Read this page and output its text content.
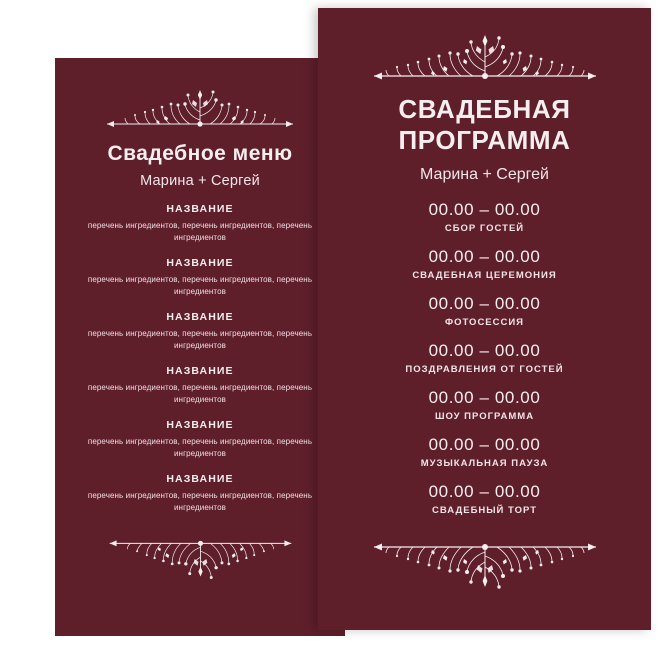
Свадебное меню
Марина + Сергей
НАЗВАНИЕ
перечень ингредиентов, перечень ингредиентов, перечень ингредиентов
НАЗВАНИЕ
перечень ингредиентов, перечень ингредиентов, перечень ингредиентов
НАЗВАНИЕ
перечень ингредиентов, перечень ингредиентов, перечень ингредиентов
НАЗВАНИЕ
перечень ингредиентов, перечень ингредиентов, перечень ингредиентов
НАЗВАНИЕ
перечень ингредиентов, перечень ингредиентов, перечень ингредиентов
НАЗВАНИЕ
перечень ингредиентов, перечень ингредиентов, перечень ингредиентов
СВАДЕБНАЯ ПРОГРАММА
Марина + Сергей
00.00 – 00.00
СБОР ГОСТЕЙ
00.00 – 00.00
СВАДЕБНАЯ ЦЕРЕМОНИЯ
00.00 – 00.00
ФОТОСЕССИЯ
00.00 – 00.00
ПОЗДРАВЛЕНИЯ ОТ ГОСТЕЙ
00.00 – 00.00
ШОУ ПРОГРАММА
00.00 – 00.00
МУЗЫКАЛЬНАЯ ПАУЗА
00.00 – 00.00
СВАДЕБНЫЙ ТОРТ
